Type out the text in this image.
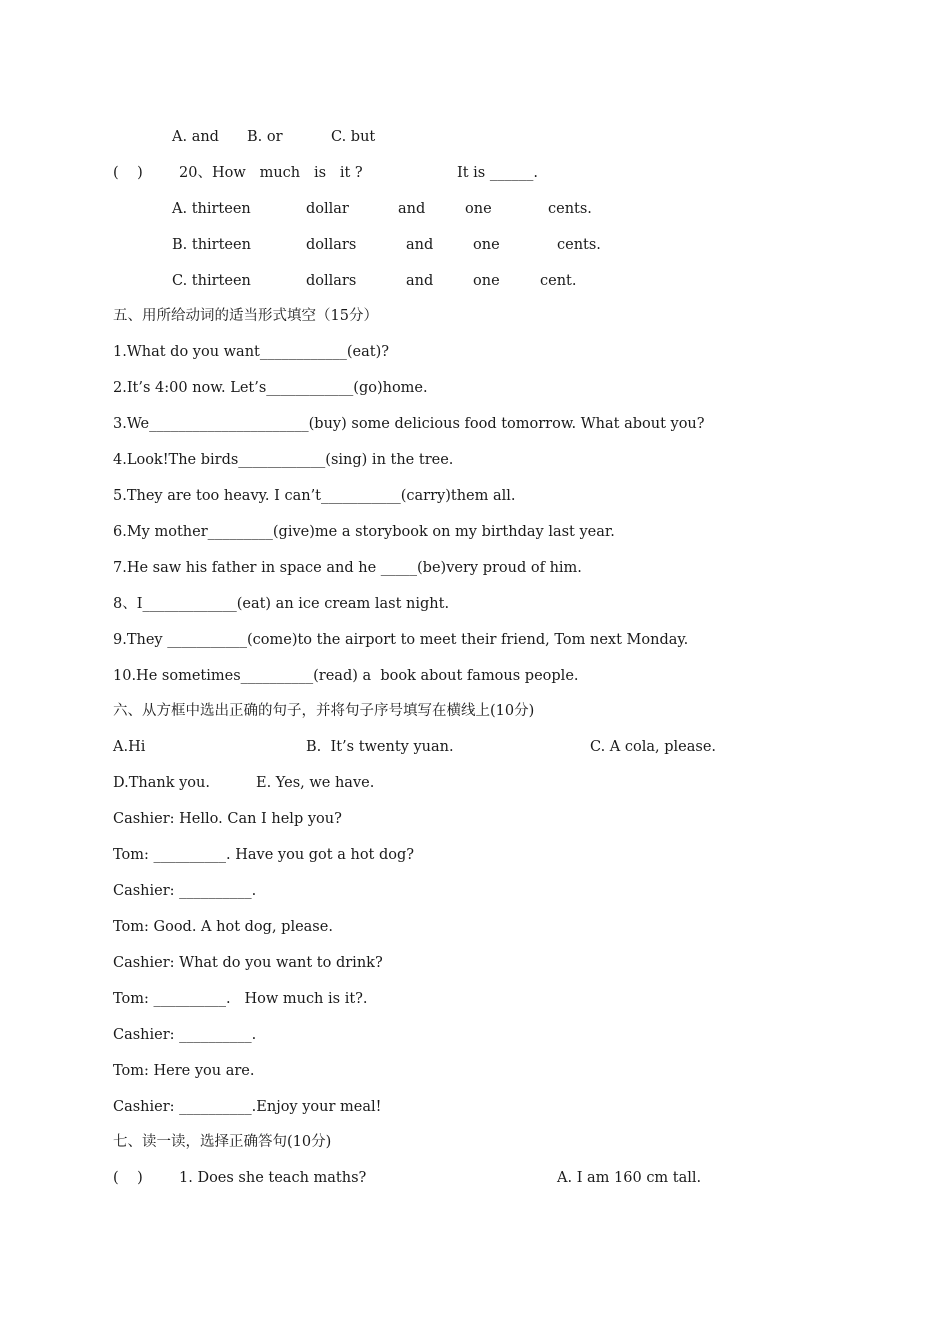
A. and B. or	C. but
(    ) 20、How   much   is   it ?	It is ______.
A. thirteen	dollar	and	one	cents.
B. thirteen	dollars	and	one	cents.
C. thirteen	dollars	and	one	cent.
五、用所给动词的适当形式填空（15分）
1.What do you want____________(eat)?
2.It’s 4:00 now. Let’s____________(go)home.
3.We______________________(buy) some delicious food tomorrow. What about you?
4.Look!The birds____________(sing) in the tree.
5.They are too heavy. I can’t___________(carry)them all.
6.My mother_________(give)me a storybook on my birthday last year.
7.He saw his father in space and he _____(be)very proud of him.
8、I_____________(eat) an ice cream last night.
9.They ___________(come)to the airport to meet their friend, Tom next Monday.
10.He sometimes__________(read) a  book about famous people.
六、从方框中选出正确的句子，并将句子序号填写在横线上(10分)
A.Hi	B.  It’s twenty yuan.	C. A cola, please.
D.Thank you.	E. Yes, we have.
Cashier: Hello. Can I help you?
Tom: __________. Have you got a hot dog?
Cashier: __________.
Tom: Good. A hot dog, please.
Cashier: What do you want to drink?
Tom: __________.   How much is it?.
Cashier: __________.
Tom: Here you are.
Cashier: __________.Enjoy your meal!
七、读一读，选择正确答句(10分)
(    ) 1. Does she teach maths?	A. I am 160 cm tall.
